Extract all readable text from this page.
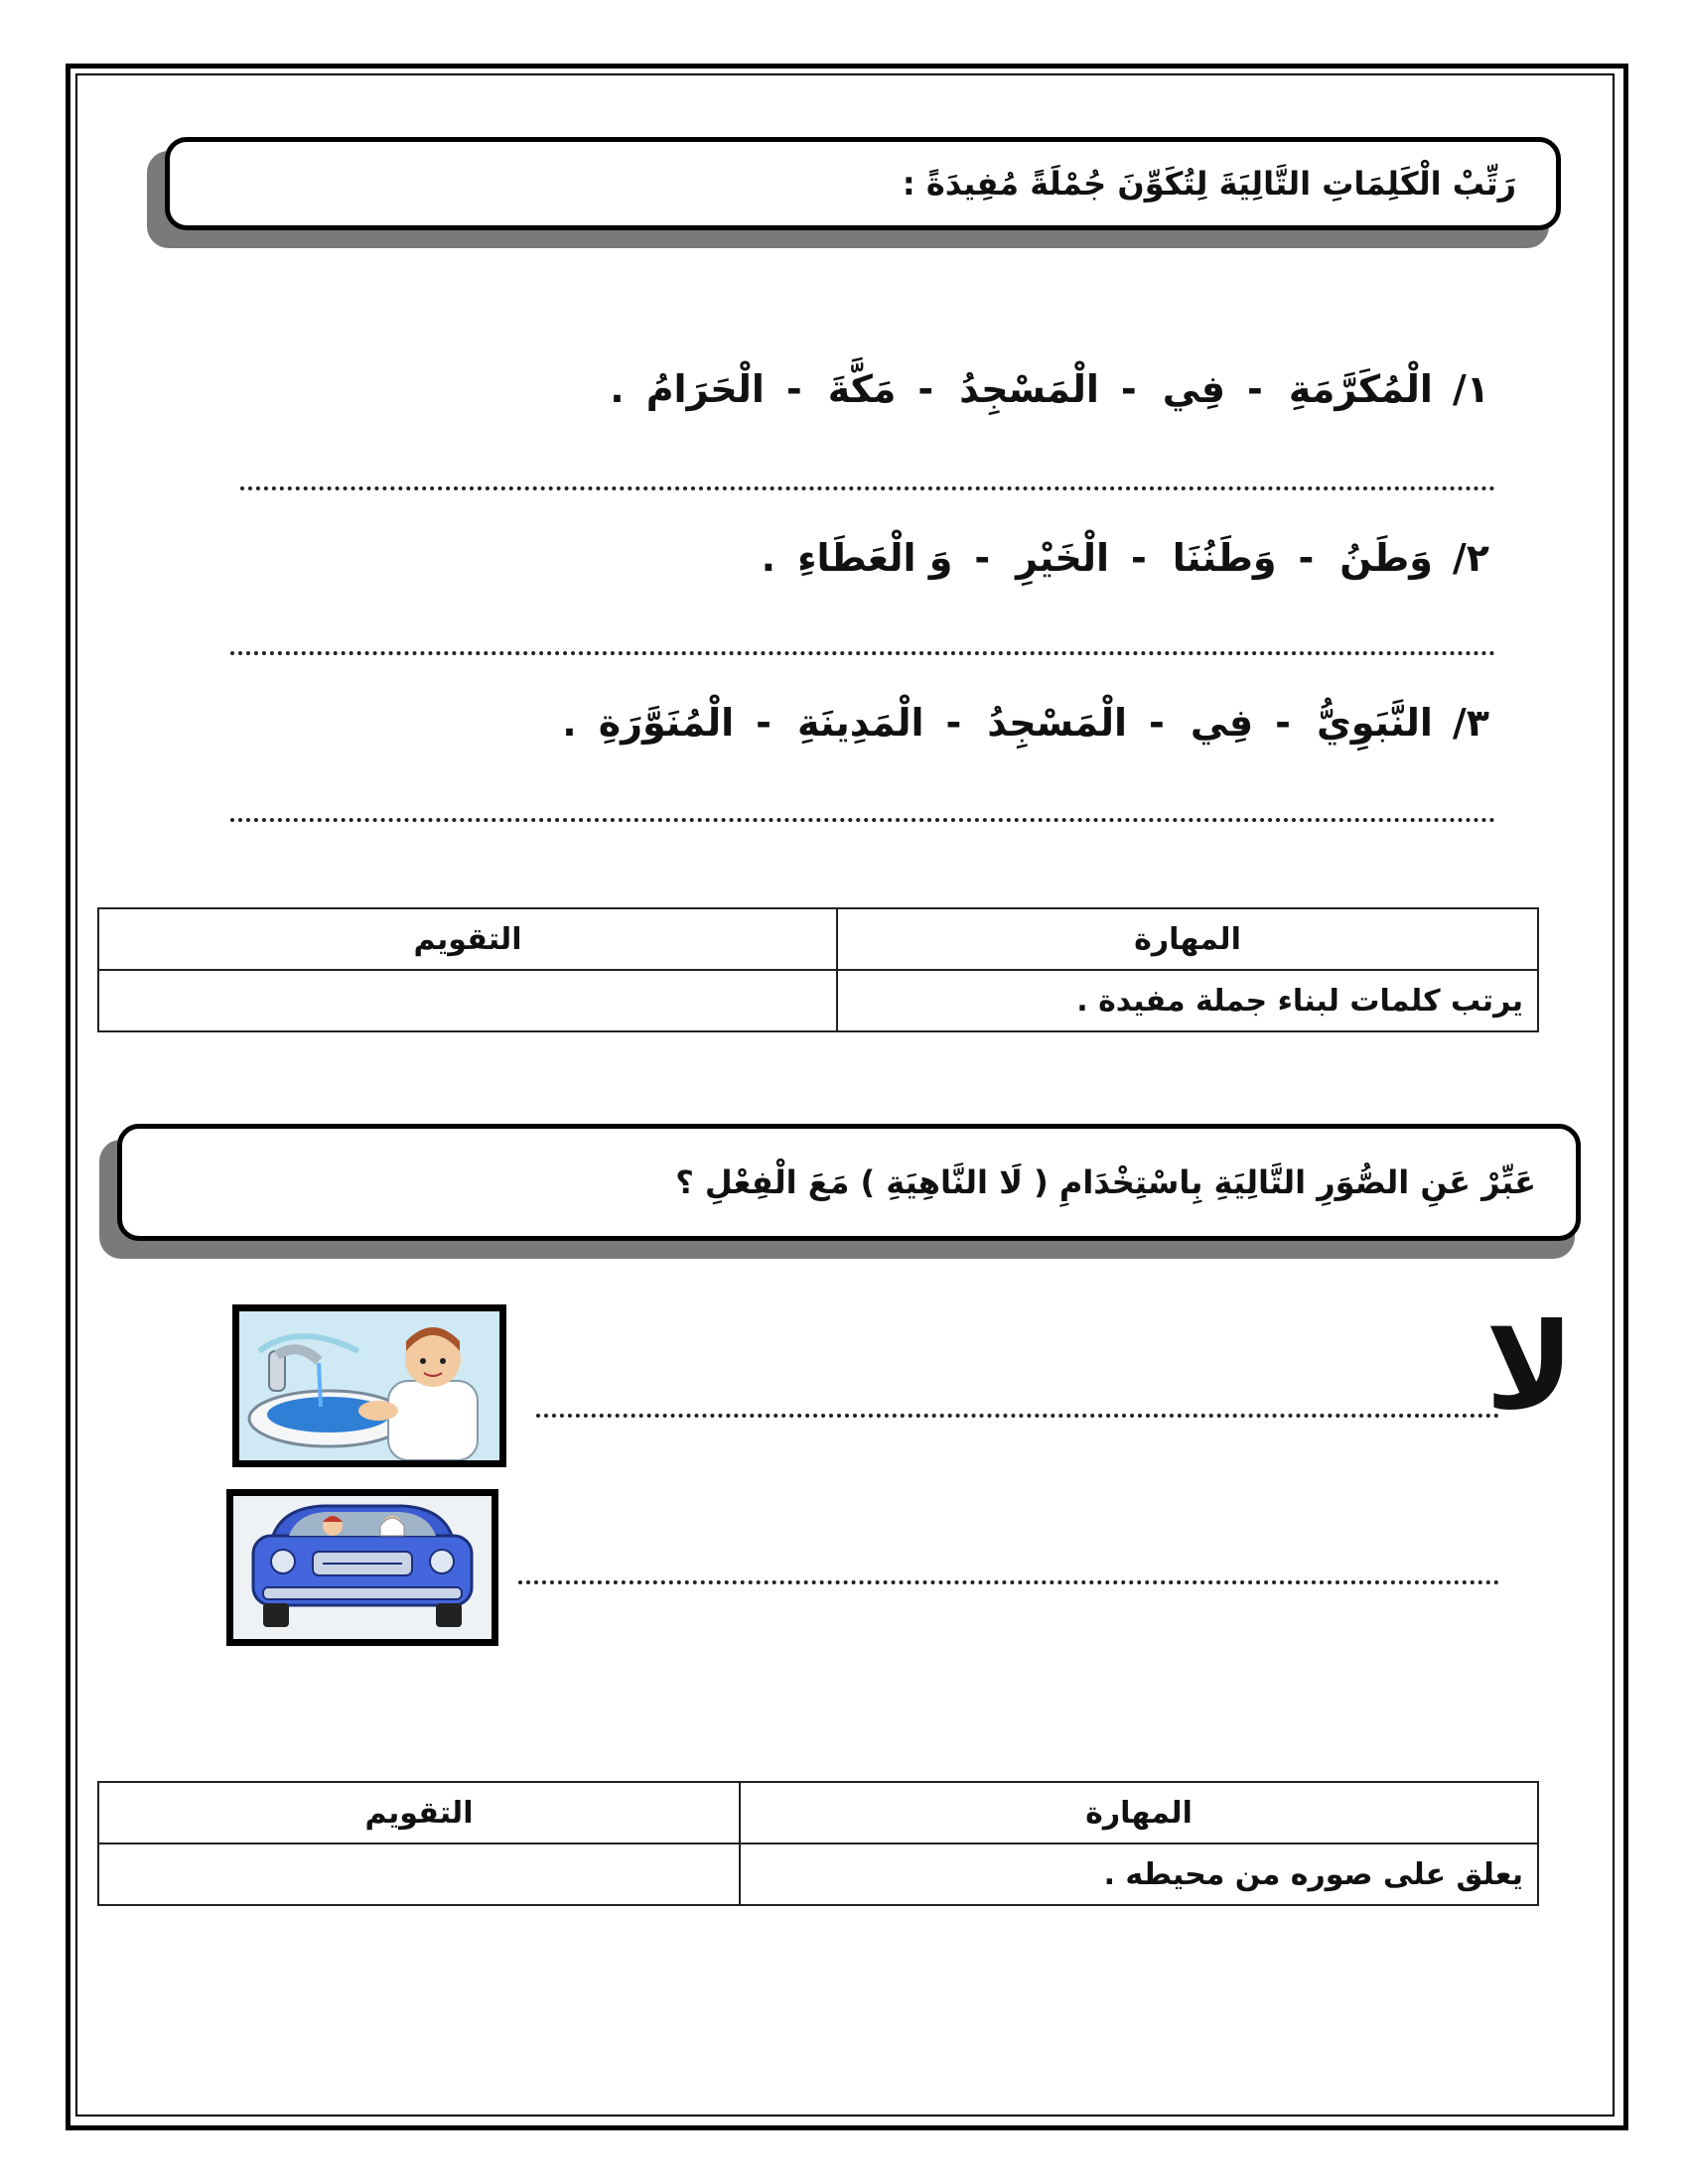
رَتِّبْ الْكَلِمَاتِ التَّالِيَةَ لِتُكَوِّنَ جُمْلَةً مُفِيدَةً :
١/الْمُكَرَّمَةِ-فِي-الْمَسْجِدُ-مَكَّةَ-الْحَرَامُ.
٢/وَطَنُ-وَطَنُنَا-الْخَيْرِ-وَ الْعَطَاءِ.
٣/النَّبَوِيُّ-فِي-الْمَسْجِدُ-الْمَدِينَةِ-الْمُنَوَّرَةِ.
المهارة	التقويم
يرتب كلمات لبناء جملة مفيدة .	
عَبِّرْ عَنِ الصُّوَرِ التَّالِيَةِ بِاسْتِخْدَامِ ( لَا النَّاهِيَةِ ) مَعَ الْفِعْلِ ؟
لا
المهارة	التقويم
يعلق على صوره من محيطه .	
